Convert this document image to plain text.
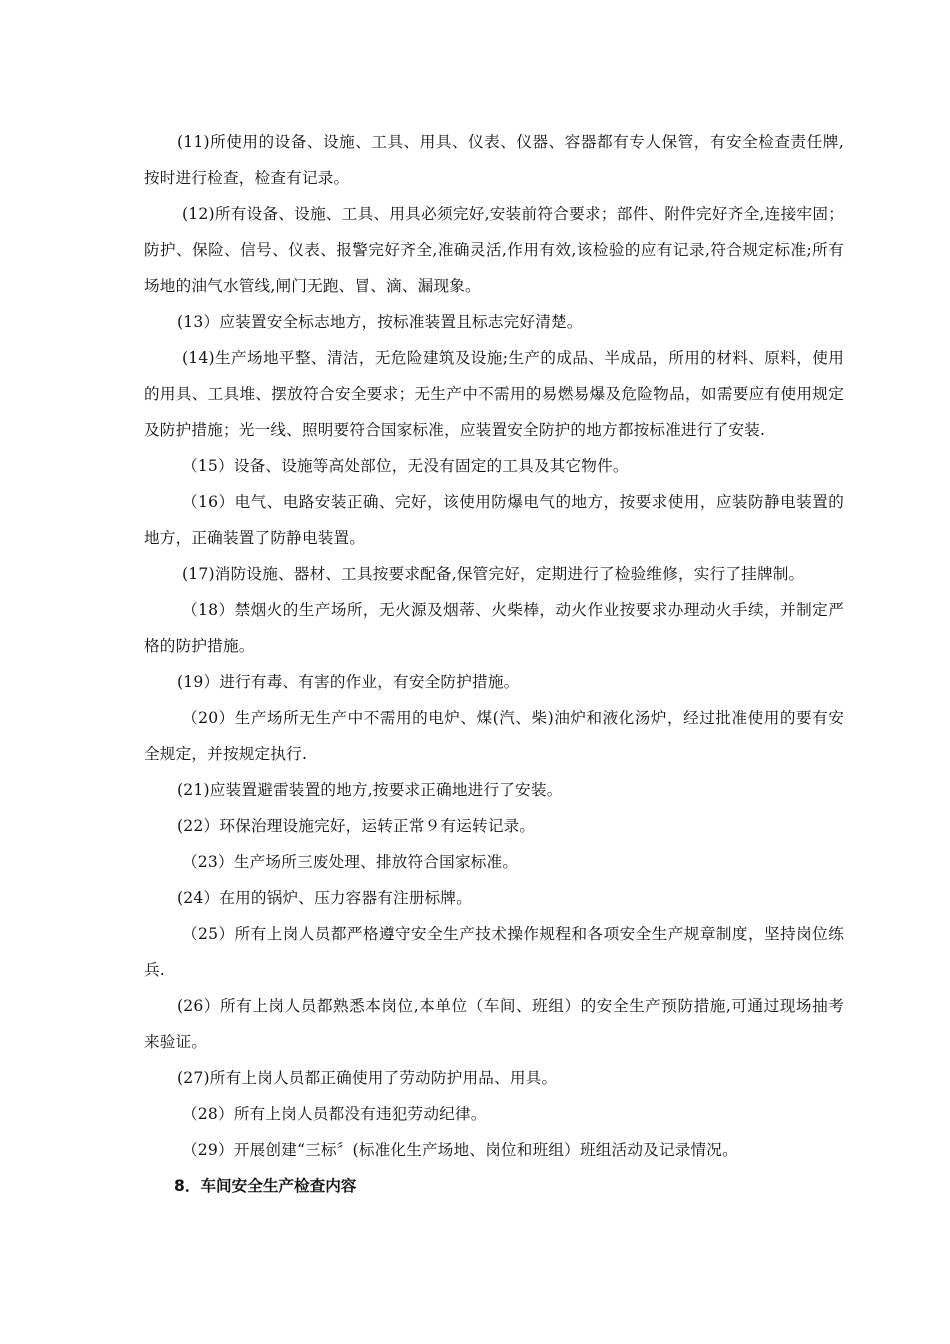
(11)所使用的设备、设施、工具、用具、仪表、仪器、容器都有专人保管，有安全检查责任牌,按时进行检查，检查有记录。

(12)所有设备、设施、工具、用具必须完好,安装前符合要求；部件、附件完好齐全,连接牢固；防护、保险、信号、仪表、报警完好齐全,准确灵活,作用有效,该检验的应有记录,符合规定标准;所有场地的油气水管线,闸门无跑、冒、滴、漏现象。

(13）应装置安全标志地方，按标准装置且标志完好清楚。

(14)生产场地平整、清洁，无危险建筑及设施;生产的成品、半成品，所用的材料、原料，使用的用具、工具堆、摆放符合安全要求；无生产中不需用的易燃易爆及危险物品，如需要应有使用规定及防护措施；光一线、照明要符合国家标准，应装置安全防护的地方都按标准进行了安装.

（15）设备、设施等高处部位，无没有固定的工具及其它物件。

（16）电气、电路安装正确、完好，该使用防爆电气的地方，按要求使用，应装防静电装置的地方，正确装置了防静电装置。

(17)消防设施、器材、工具按要求配备,保管完好，定期进行了检验维修，实行了挂牌制。

（18）禁烟火的生产场所，无火源及烟蒂、火柴棒，动火作业按要求办理动火手续，并制定严格的防护措施。

(19）进行有毒、有害的作业，有安全防护措施。

（20）生产场所无生产中不需用的电炉、煤(汽、柴)油炉和液化汤炉，经过批准使用的要有安全规定，并按规定执行.

(21)应装置避雷装置的地方,按要求正确地进行了安装。

(22）环保治理设施完好，运转正常９有运转记录。

（23）生产场所三废处理、排放符合国家标准。

(24）在用的锅炉、压力容器有注册标牌。

（25）所有上岗人员都严格遵守安全生产技术操作规程和各项安全生产规章制度，坚持岗位练兵.

(26）所有上岗人员都熟悉本岗位,本单位（车间、班组）的安全生产预防措施,可通过现场抽考来验证。

(27)所有上岗人员都正确使用了劳动防护用品、用具。

（28）所有上岗人员都没有违犯劳动纪律。

（29）开展创建“三标〞(标准化生产场地、岗位和班组）班组活动及记录情况。

8．车间安全生产检查内容
